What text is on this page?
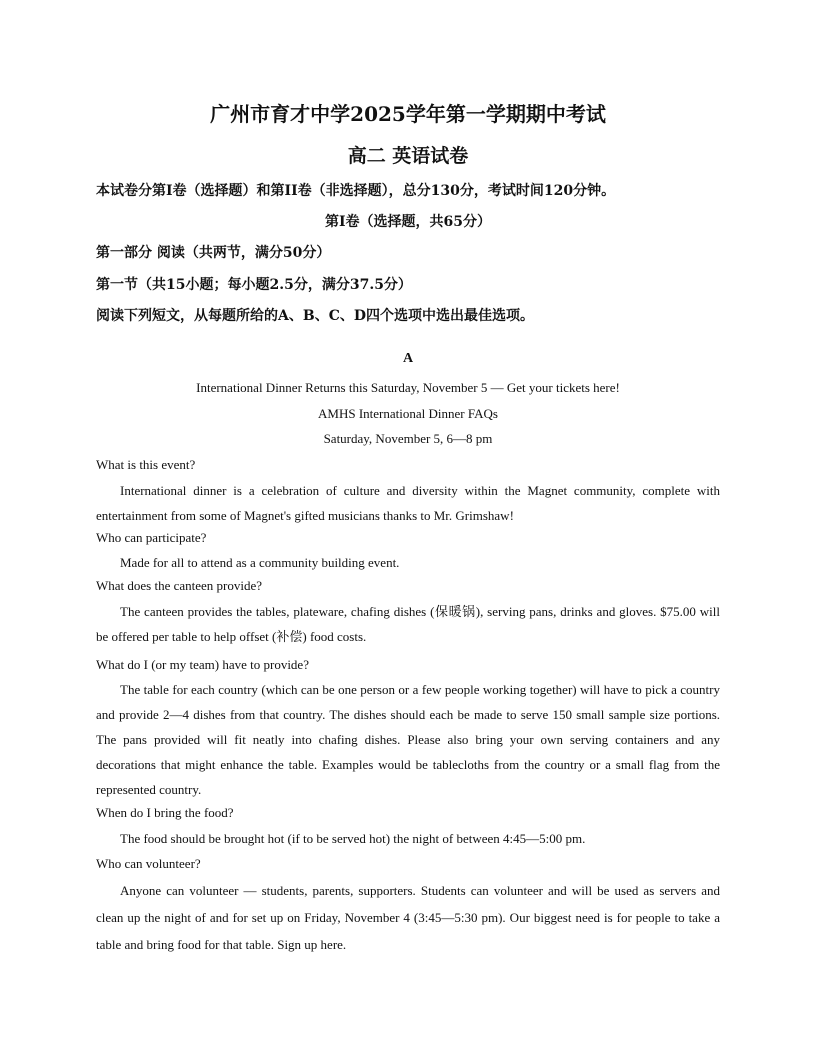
广州市育才中学2025学年第一学期期中考试
高二 英语试卷
本试卷分第I卷（选择题）和第II卷（非选择题），总分130分，考试时间120分钟。
第I卷（选择题，共65分）
第一部分 阅读（共两节，满分50分）
第一节（共15小题；每小题2.5分，满分37.5分）
阅读下列短文，从每题所给的A、B、C、D四个选项中选出最佳选项。
A
International Dinner Returns this Saturday, November 5 — Get your tickets here!
AMHS International Dinner FAQs
Saturday, November 5, 6—8 pm
What is this event?
International dinner is a celebration of culture and diversity within the Magnet community, complete with entertainment from some of Magnet's gifted musicians thanks to Mr. Grimshaw!
Who can participate?
Made for all to attend as a community building event.
What does the canteen provide?
The canteen provides the tables, plateware, chafing dishes (保暖锅), serving pans, drinks and gloves. $75.00 will be offered per table to help offset (补偿) food costs.
What do I (or my team) have to provide?
The table for each country (which can be one person or a few people working together) will have to pick a country and provide 2—4 dishes from that country. The dishes should each be made to serve 150 small sample size portions. The pans provided will fit neatly into chafing dishes. Please also bring your own serving containers and any decorations that might enhance the table. Examples would be tablecloths from the country or a small flag from the represented country.
When do I bring the food?
The food should be brought hot (if to be served hot) the night of between 4:45—5:00 pm.
Who can volunteer?
Anyone can volunteer — students, parents, supporters. Students can volunteer and will be used as servers and clean up the night of and for set up on Friday, November 4 (3:45—5:30 pm). Our biggest need is for people to take a table and bring food for that table. Sign up here.
